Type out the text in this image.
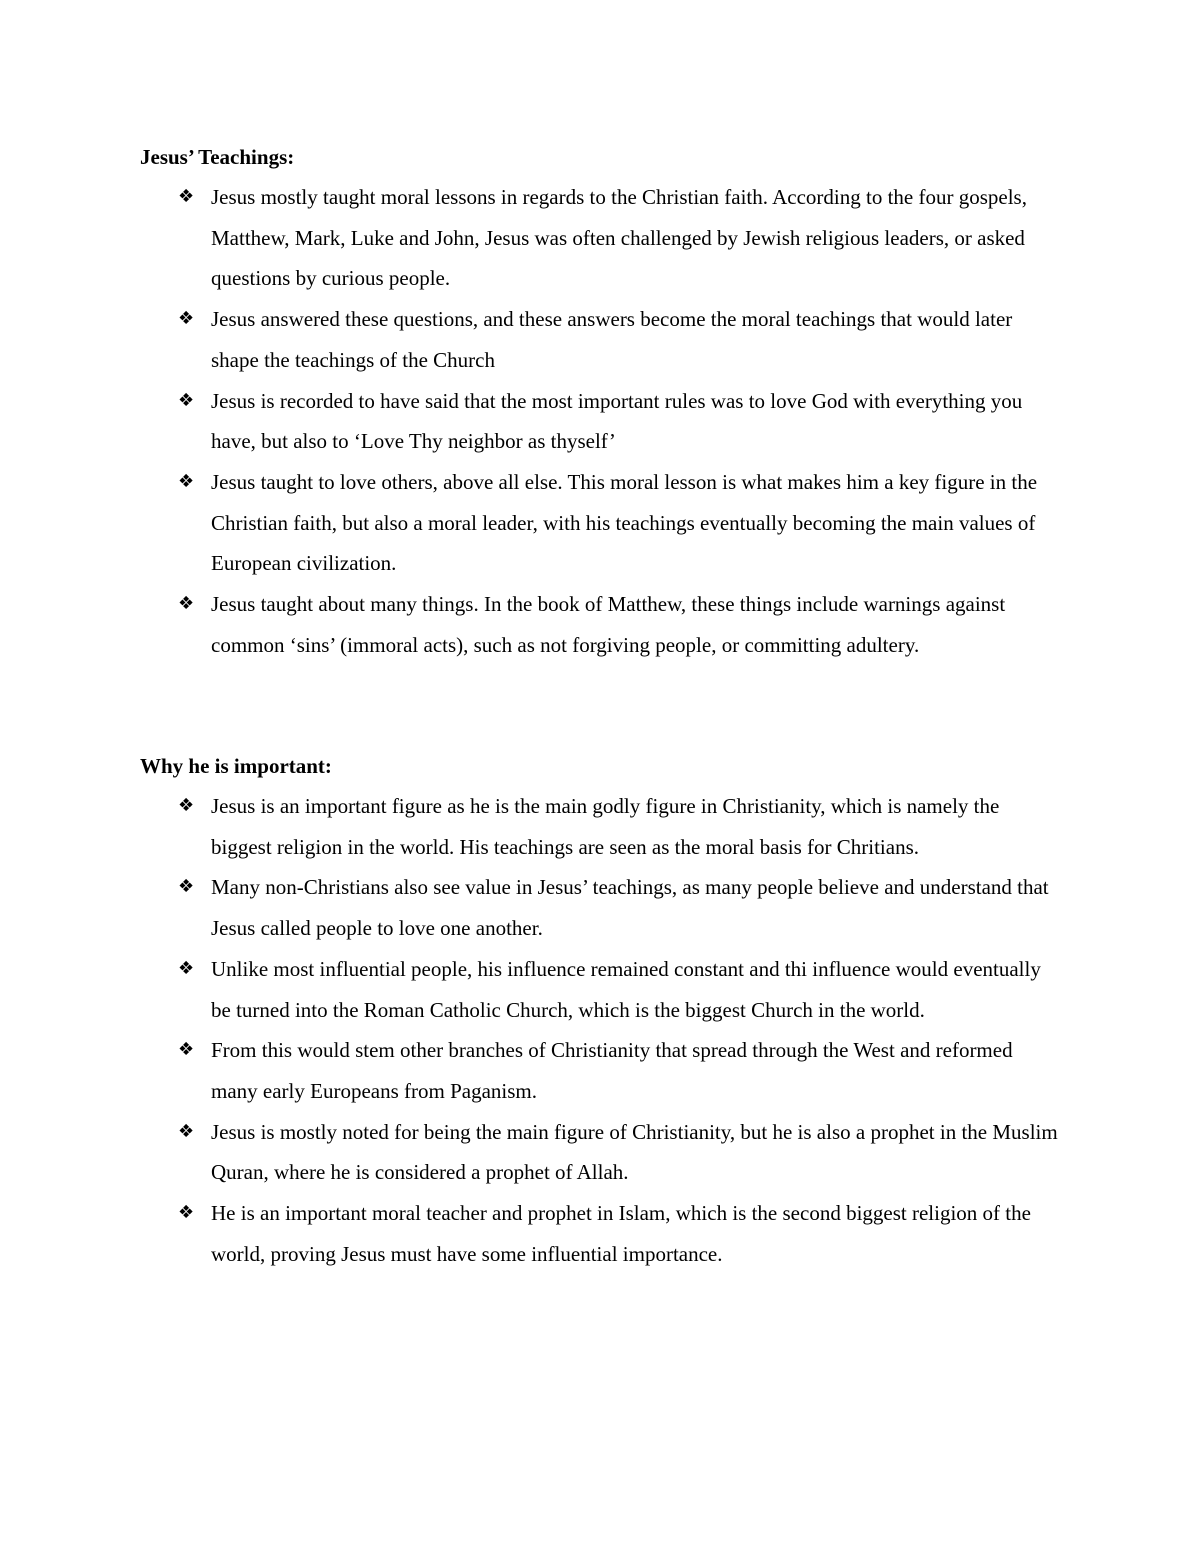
Jesus’ Teachings:

❖ Jesus mostly taught moral lessons in regards to the Christian faith. According to the four gospels, Matthew, Mark, Luke and John, Jesus was often challenged by Jewish religious leaders, or asked questions by curious people.
❖ Jesus answered these questions, and these answers become the moral teachings that would later shape the teachings of the Church
❖ Jesus is recorded to have said that the most important rules was to love God with everything you have, but also to ‘Love Thy neighbor as thyself’
❖ Jesus taught to love others, above all else. This moral lesson is what makes him a key figure in the Christian faith, but also a moral leader, with his teachings eventually becoming the main values of European civilization.
❖ Jesus taught about many things. In the book of Matthew, these things include warnings against common ‘sins’ (immoral acts), such as not forgiving people, or committing adultery.

Why he is important:

❖ Jesus is an important figure as he is the main godly figure in Christianity, which is namely the biggest religion in the world. His teachings are seen as the moral basis for Chritians.
❖ Many non-Christians also see value in Jesus’ teachings, as many people believe and understand that Jesus called people to love one another.
❖ Unlike most influential people, his influence remained constant and thi influence would eventually be turned into the Roman Catholic Church, which is the biggest Church in the world.
❖ From this would stem other branches of Christianity that spread through the West and reformed many early Europeans from Paganism.
❖ Jesus is mostly noted for being the main figure of Christianity, but he is also a prophet in the Muslim Quran, where he is considered a prophet of Allah.
❖ He is an important moral teacher and prophet in Islam, which is the second biggest religion of the world, proving Jesus must have some influential importance.
